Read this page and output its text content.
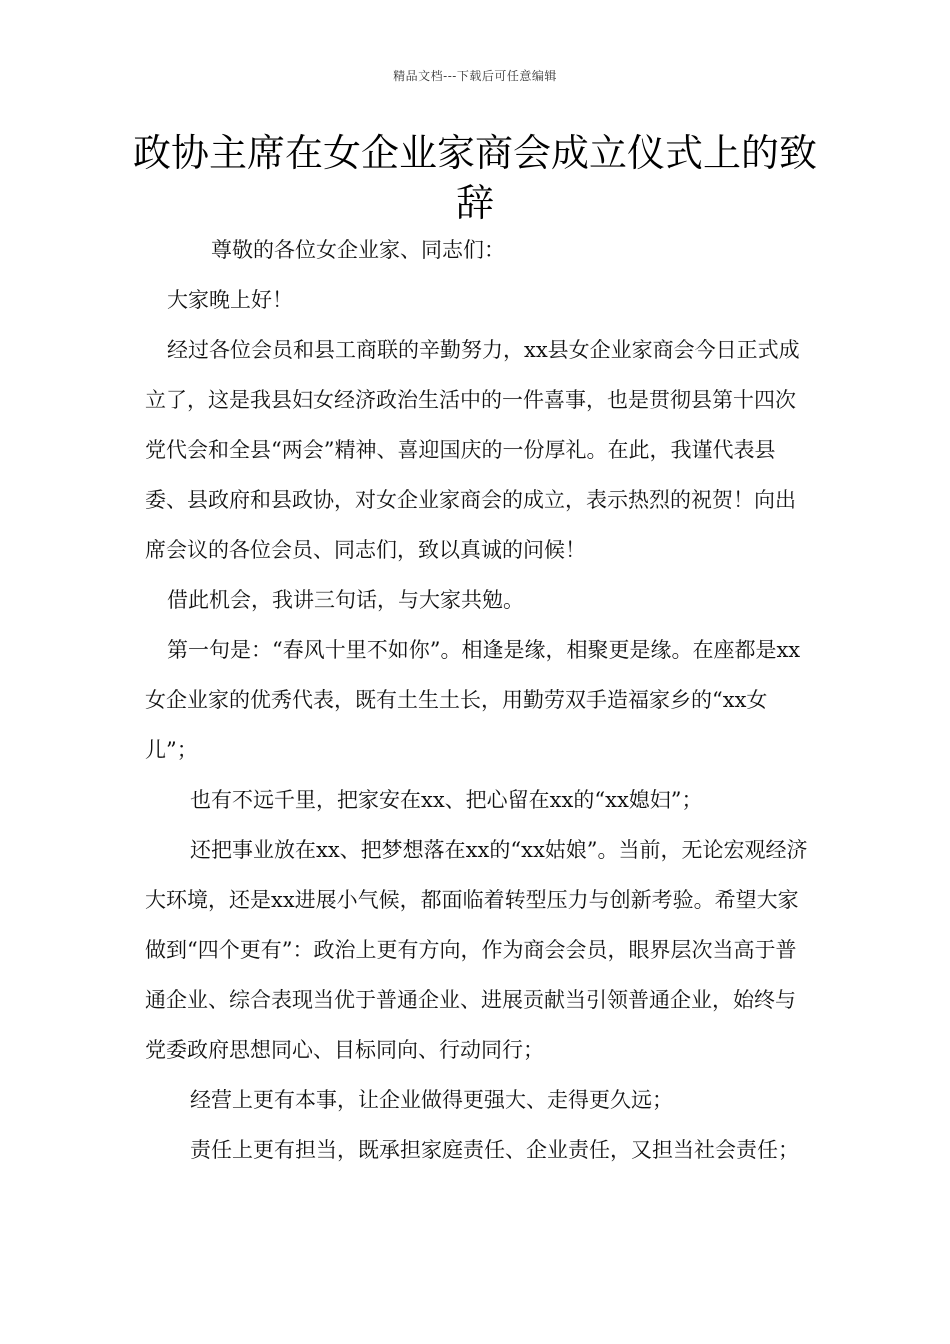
精品文档---下载后可任意编辑
政协主席在女企业家商会成立仪式上的致辞

尊敬的各位女企业家、同志们：

大家晚上好！

经过各位会员和县工商联的辛勤努力，xx县女企业家商会今日正式成立了，这是我县妇女经济政治生活中的一件喜事，也是贯彻县第十四次党代会和全县“两会”精神、喜迎国庆的一份厚礼。在此，我谨代表县委、县政府和县政协，对女企业家商会的成立，表示热烈的祝贺！向出席会议的各位会员、同志们，致以真诚的问候！

借此机会，我讲三句话，与大家共勉。

第一句是：“春风十里不如你”。相逢是缘，相聚更是缘。在座都是xx女企业家的优秀代表，既有土生土长，用勤劳双手造福家乡的“xx女儿”；

也有不远千里，把家安在xx、把心留在xx的“xx媳妇”；

还把事业放在xx、把梦想落在xx的“xx姑娘”。当前，无论宏观经济大环境，还是xx进展小气候，都面临着转型压力与创新考验。希望大家做到“四个更有”：政治上更有方向，作为商会会员，眼界层次当高于普通企业、综合表现当优于普通企业、进展贡献当引领普通企业，始终与党委政府思想同心、目标同向、行动同行；

经营上更有本事，让企业做得更强大、走得更久远；

责任上更有担当，既承担家庭责任、企业责任，又担当社会责任；
